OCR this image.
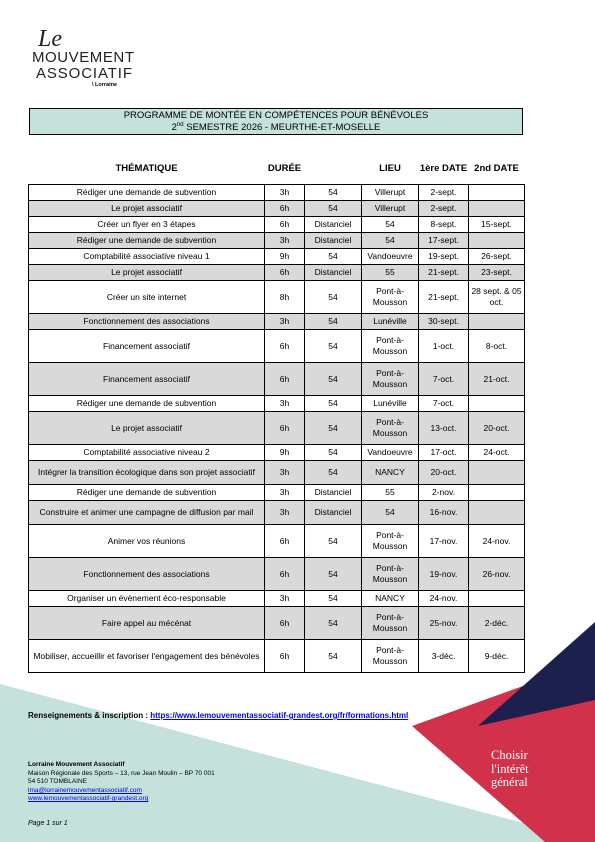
Le
MOUVEMENT
ASSOCIATIF
\ Lorraine
PROGRAMME DE MONTÉE EN COMPÉTENCES POUR BÉNÉVOLES
2nd SEMESTRE 2026 - MEURTHE-ET-MOSELLE
THÉMATIQUE	DURÉE		LIEU	1ère DATE	2nd DATE
Rédiger une demande de subvention	3h	54	Villerupt	2-sept.	
Le projet associatif	6h	54	Villerupt	2-sept.	
Créer un flyer en 3 étapes	6h	Distanciel	54	8-sept.	15-sept.
Rédiger une demande de subvention	3h	Distanciel	54	17-sept.	
Comptabilité associative niveau 1	9h	54	Vandoeuvre	19-sept.	26-sept.
Le projet associatif	6h	Distanciel	55	21-sept.	23-sept.
Créer un site internet	8h	54	Pont-à-Mousson	21-sept.	28 sept. & 05 oct.
Fonctionnement des associations	3h	54	Lunéville	30-sept.	
Financement associatif	6h	54	Pont-à-Mousson	1-oct.	8-oct.
Financement associatif	6h	54	Pont-à-Mousson	7-oct.	21-oct.
Rédiger une demande de subvention	3h	54	Lunéville	7-oct.	
Le projet associatif	6h	54	Pont-à-Mousson	13-oct.	20-oct.
Comptabilité associative niveau 2	9h	54	Vandoeuvre	17-oct.	24-oct.
Intégrer la transition écologique dans son projet associatif	3h	54	NANCY	20-oct.	
Rédiger une demande de subvention	3h	Distanciel	55	2-nov.	
Construire et animer une campagne de diffusion par mail	3h	Distanciel	54	16-nov.	
Animer vos réunions	6h	54	Pont-à-Mousson	17-nov.	24-nov.
Fonctionnement des associations	6h	54	Pont-à-Mousson	19-nov.	26-nov.
Organiser un évènement éco-responsable	3h	54	NANCY	24-nov.	
Faire appel au mécénat	6h	54	Pont-à-Mousson	25-nov.	2-déc.
Mobiliser, accueillir et favoriser l'engagement des bénévoles	6h	54	Pont-à-Mousson	3-déc.	9-déc.
Renseignements & inscription : https://www.lemouvementassociatif-grandest.org/fr/formations.html
Lorraine Mouvement Associatif
Maison Régionale des Sports – 13, rue Jean Moulin – BP 70 001
54 510 TOMBLAINE
lma@lorrainemouvementassociatif.com
www.lemouvementassociatif-grandest.org
Page 1 sur 1
Choisir
l'intérêt
général
